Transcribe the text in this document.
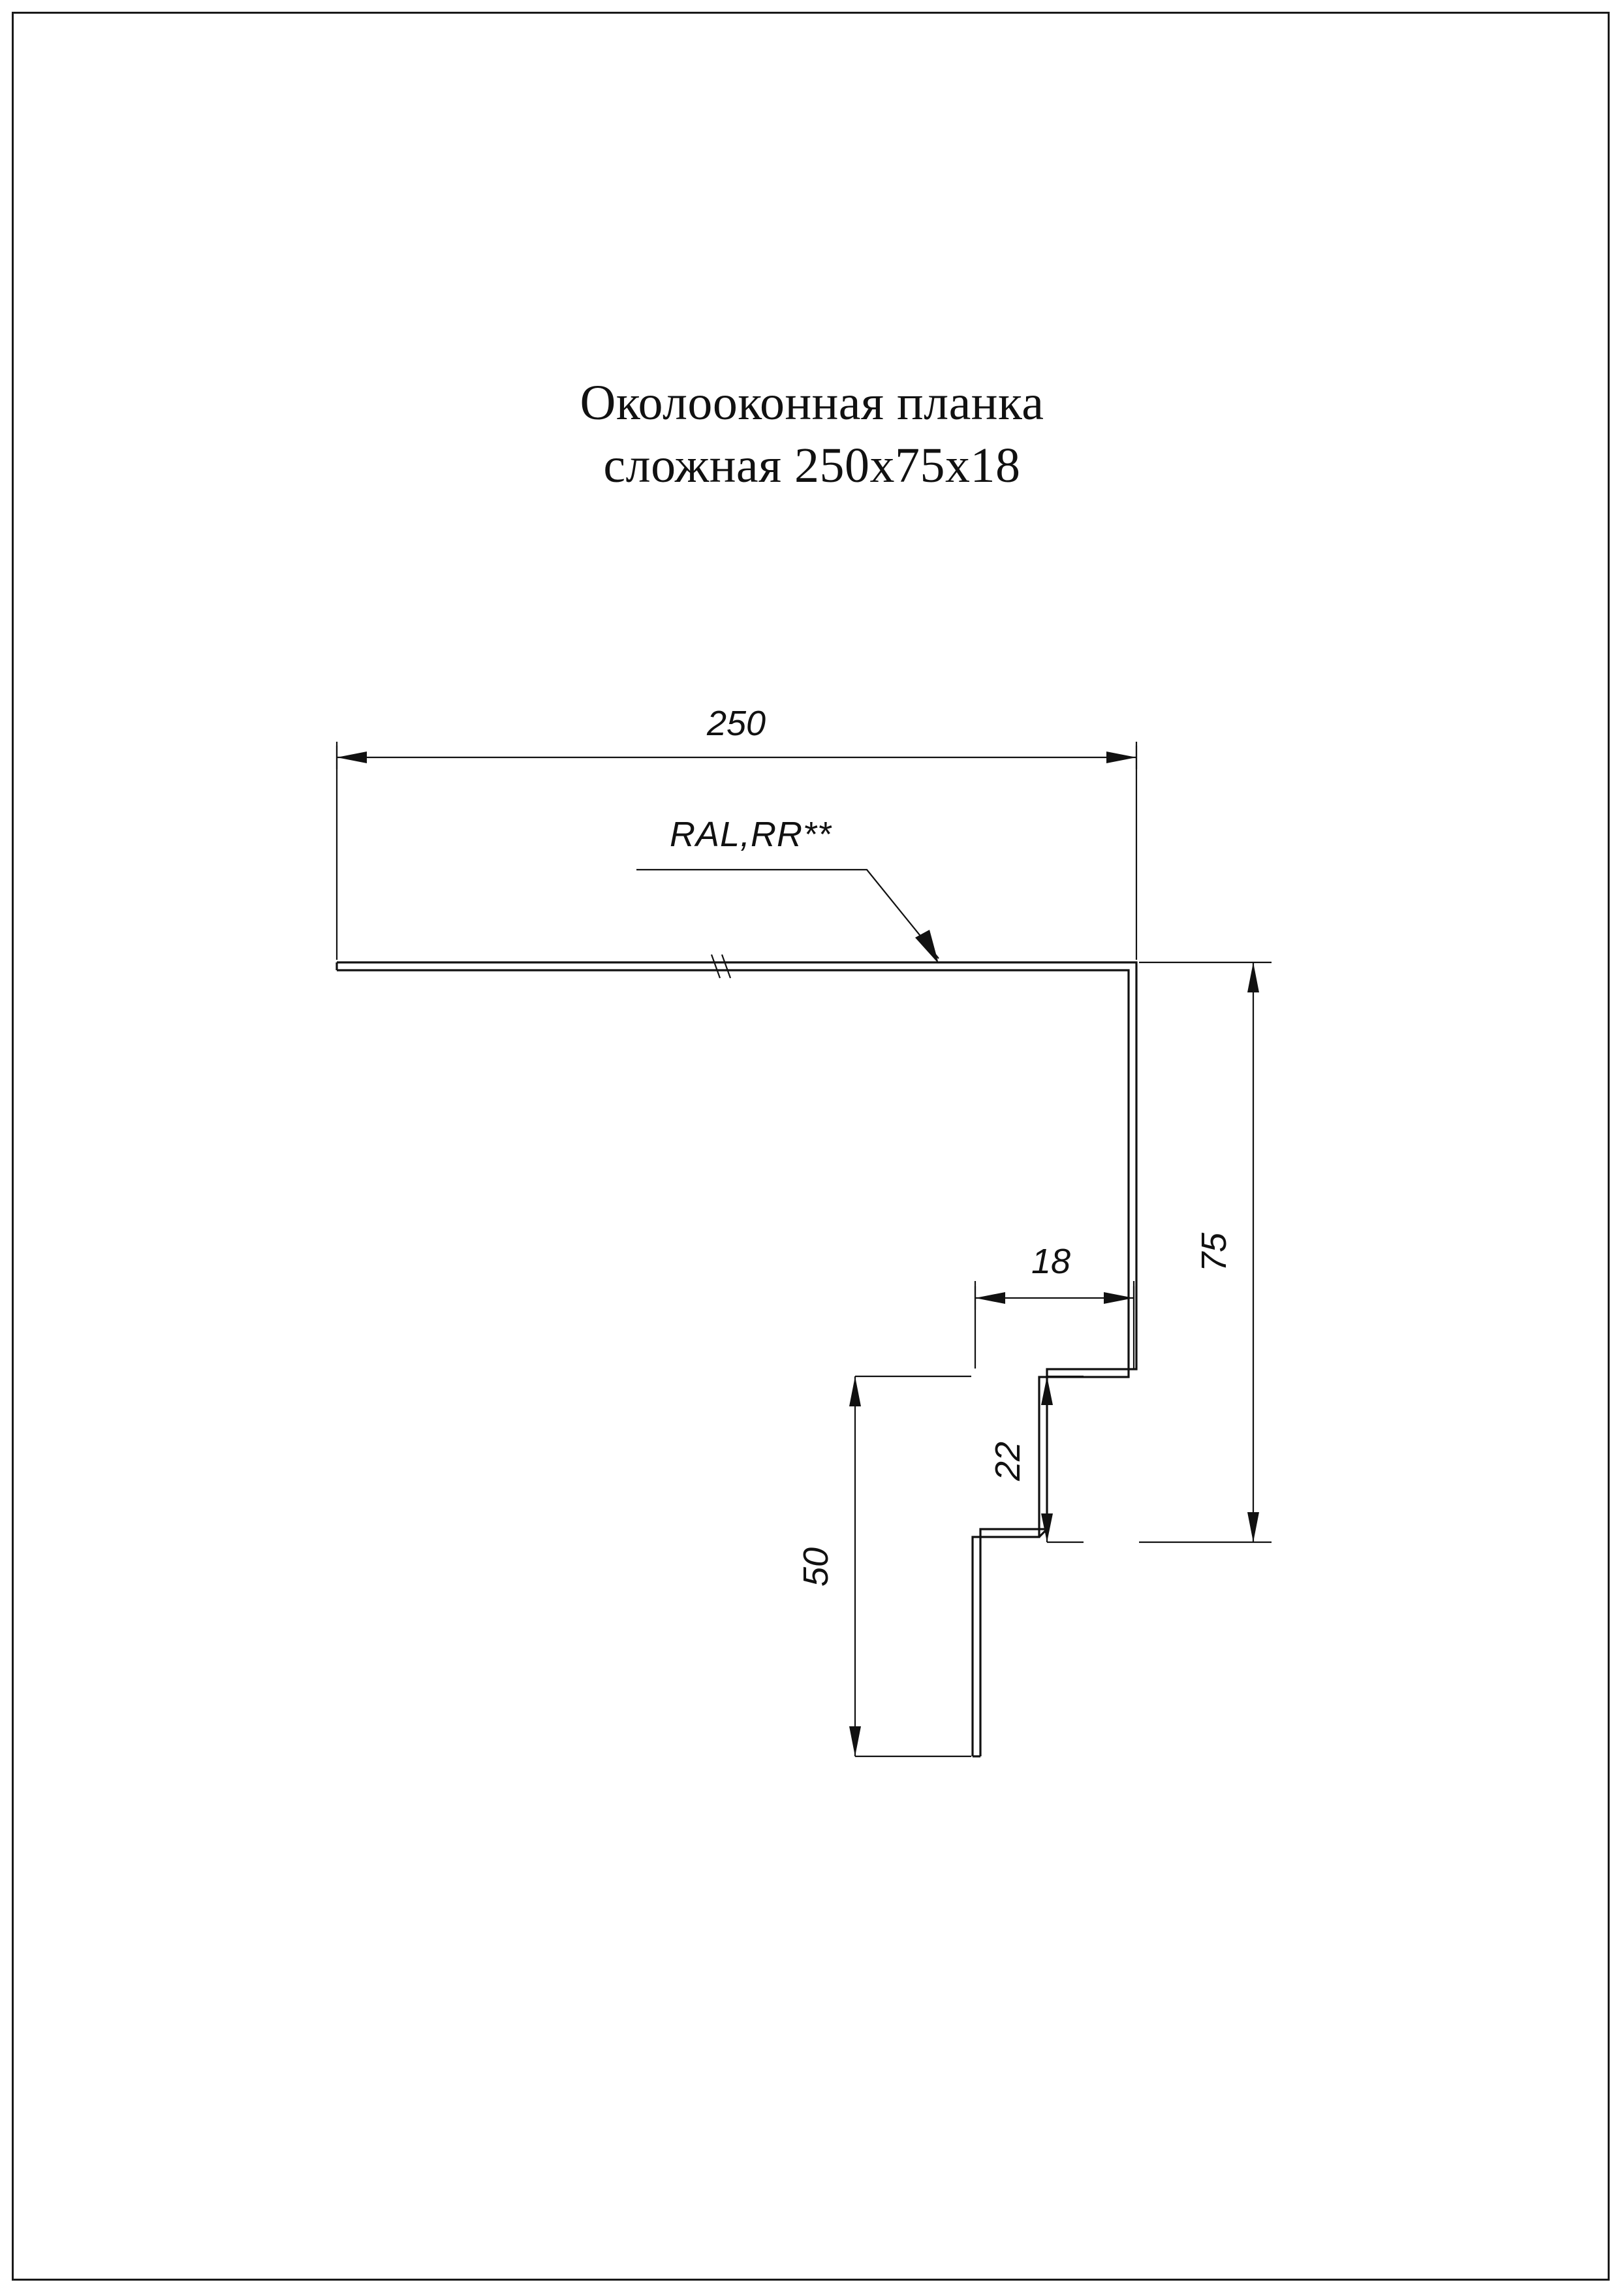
Околооконная планка
сложная 250x75x18
250
RAL,RR**
75
18
22
50
